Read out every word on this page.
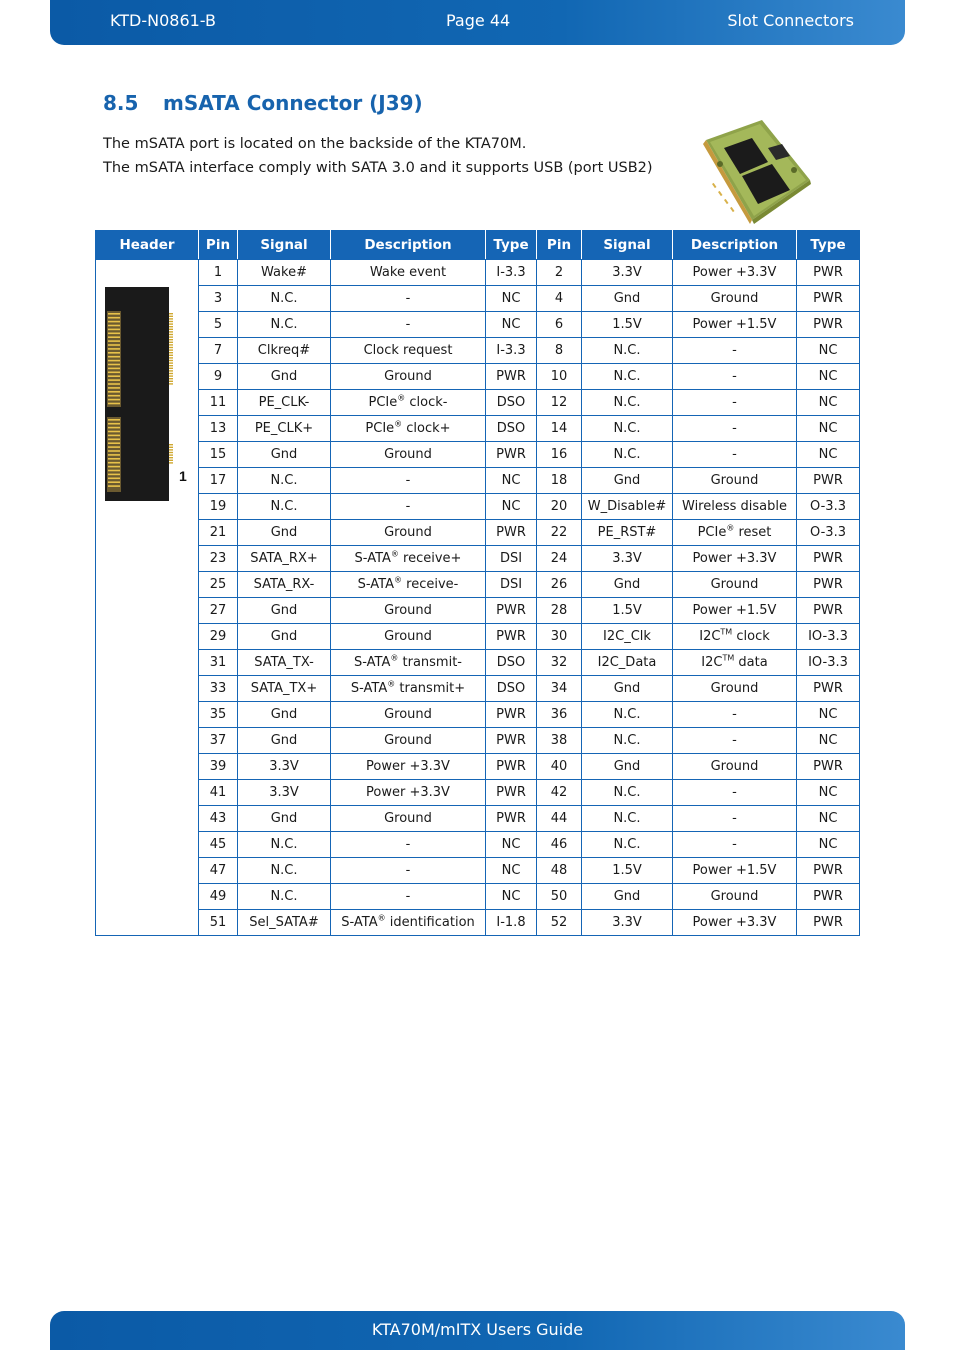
KTD-N0861-B	Page 44	Slot Connectors
8.5 mSATA Connector (J39)
The mSATA port is located on the backside of the KTA70M.
The mSATA interface comply with SATA 3.0 and it supports USB (port USB2)
Header	Pin	Signal	Description	Type	Pin	Signal	Description	Type

1	1	Wake#	Wake event	I-3.3	2	3.3V	Power +3.3V	PWR
	3	N.C.	-	NC	4	Gnd	Ground	PWR
	5	N.C.	-	NC	6	1.5V	Power +1.5V	PWR
	7	Clkreq#	Clock request	I-3.3	8	N.C.	-	NC
	9	Gnd	Ground	PWR	10	N.C.	-	NC
	11	PE_CLK-	PCIe® clock-	DSO	12	N.C.	-	NC
	13	PE_CLK+	PCIe® clock+	DSO	14	N.C.	-	NC
	15	Gnd	Ground	PWR	16	N.C.	-	NC
	17	N.C.	-	NC	18	Gnd	Ground	PWR
	19	N.C.	-	NC	20	W_Disable#	Wireless disable	O-3.3
	21	Gnd	Ground	PWR	22	PE_RST#	PCIe® reset	O-3.3
	23	SATA_RX+	S-ATA® receive+	DSI	24	3.3V	Power +3.3V	PWR
	25	SATA_RX-	S-ATA® receive-	DSI	26	Gnd	Ground	PWR
	27	Gnd	Ground	PWR	28	1.5V	Power +1.5V	PWR
	29	Gnd	Ground	PWR	30	I2C_Clk	I2C™ clock	IO-3.3
	31	SATA_TX-	S-ATA® transmit-	DSO	32	I2C_Data	I2C™ data	IO-3.3
	33	SATA_TX+	S-ATA® transmit+	DSO	34	Gnd	Ground	PWR
	35	Gnd	Ground	PWR	36	N.C.	-	NC
	37	Gnd	Ground	PWR	38	N.C.	-	NC
	39	3.3V	Power +3.3V	PWR	40	Gnd	Ground	PWR
	41	3.3V	Power +3.3V	PWR	42	N.C.	-	NC
	43	Gnd	Ground	PWR	44	N.C.	-	NC
	45	N.C.	-	NC	46	N.C.	-	NC
	47	N.C.	-	NC	48	1.5V	Power +1.5V	PWR
	49	N.C.	-	NC	50	Gnd	Ground	PWR
	51	Sel_SATA#	S-ATA® identification	I-1.8	52	3.3V	Power +3.3V	PWR
KTA70M/mITX Users Guide
